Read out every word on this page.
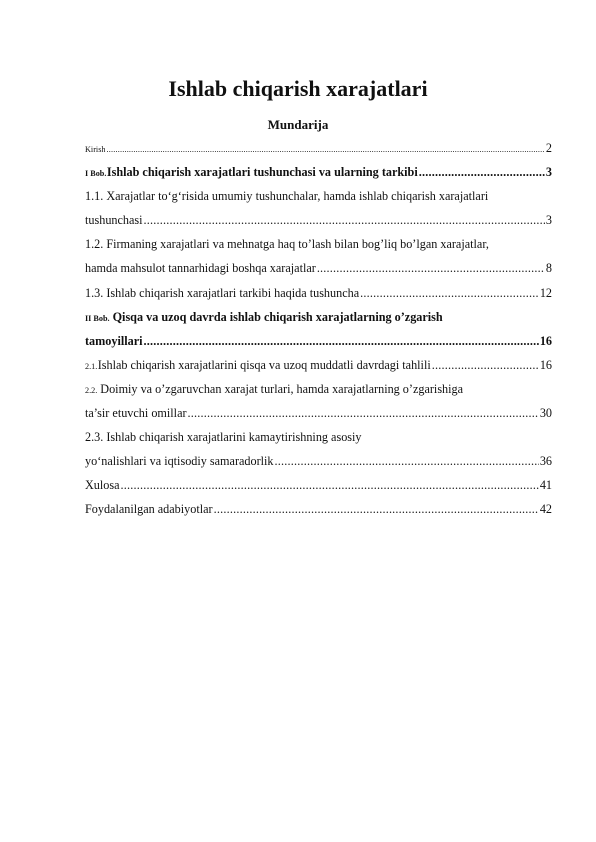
Ishlab chiqarish xarajatlari
Mundarija
Kirish .....	2
I Bob. Ishlab chiqarish xarajatlari tushunchasi va ularning tarkibi .....	3
1.1. Xarajatlar to‘g‘risida umumiy tushunchalar, hamda ishlab chiqarish xarajatlari
tushunchasi .....	3
1.2. Firmaning xarajatlari va mehnatga haq to’lash bilan bog’liq bo’lgan xarajatlar,
hamda mahsulot tannarhidagi boshqa xarajatlar .....	8
1.3. Ishlab chiqarish xarajatlari tarkibi haqida tushuncha .....	12
II Bob. Qisqa va uzoq davrda ishlab chiqarish xarajatlarning o’zgarish
tamoyillari .....	16
2.1. Ishlab chiqarish xarajatlarini qisqa va uzoq muddatli davrdagi tahlili .....	16
2.2. Doimiy va o’zgaruvchan xarajat turlari, hamda xarajatlarning o’zgarishiga
ta’sir etuvchi omillar .....	30
2.3. Ishlab chiqarish xarajatlarini kamaytirishning asosiy
yo‘nalishlari va iqtisodiy samaradorlik .....	36
Xulosa .....	41
Foydalanilgan adabiyotlar .....	42
